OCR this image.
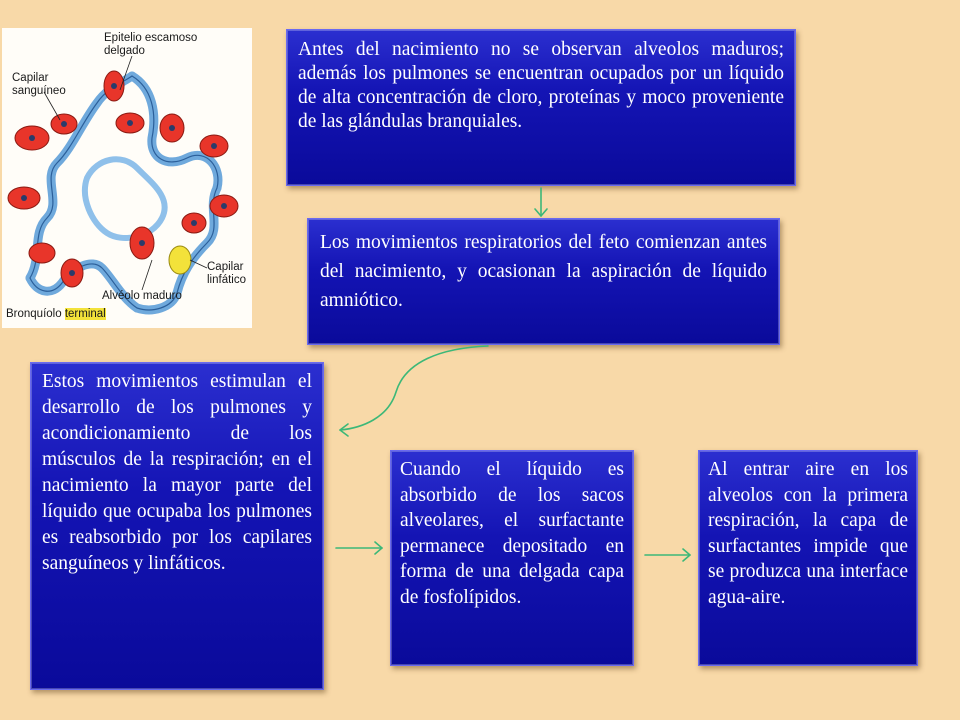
Epitelio escamoso delgado
Capilar sanguíneo
Capilar linfático
Alvéolo maduro
Bronquíolo terminal
Antes del nacimiento no se observan alveolos maduros; además los pulmones se encuentran ocupados por un líquido de alta concentración de cloro, proteínas y moco proveniente de las glándulas branquiales.
Los movimientos respiratorios del feto comienzan antes del nacimiento, y ocasionan la aspiración de líquido amniótico.
Estos movimientos estimulan el desarrollo de los pulmones y acondicionamiento de los músculos de la respiración; en el nacimiento la mayor parte del líquido que ocupaba los pulmones es reabsorbido por los capilares sanguíneos y linfáticos.
Cuando el líquido es absorbido de los sacos alveolares, el surfactante permanece depositado en forma de una delgada capa de fosfolípidos.
Al entrar aire en los alveolos con la primera respiración, la capa de surfactantes impide que se produzca una interface agua-aire.
